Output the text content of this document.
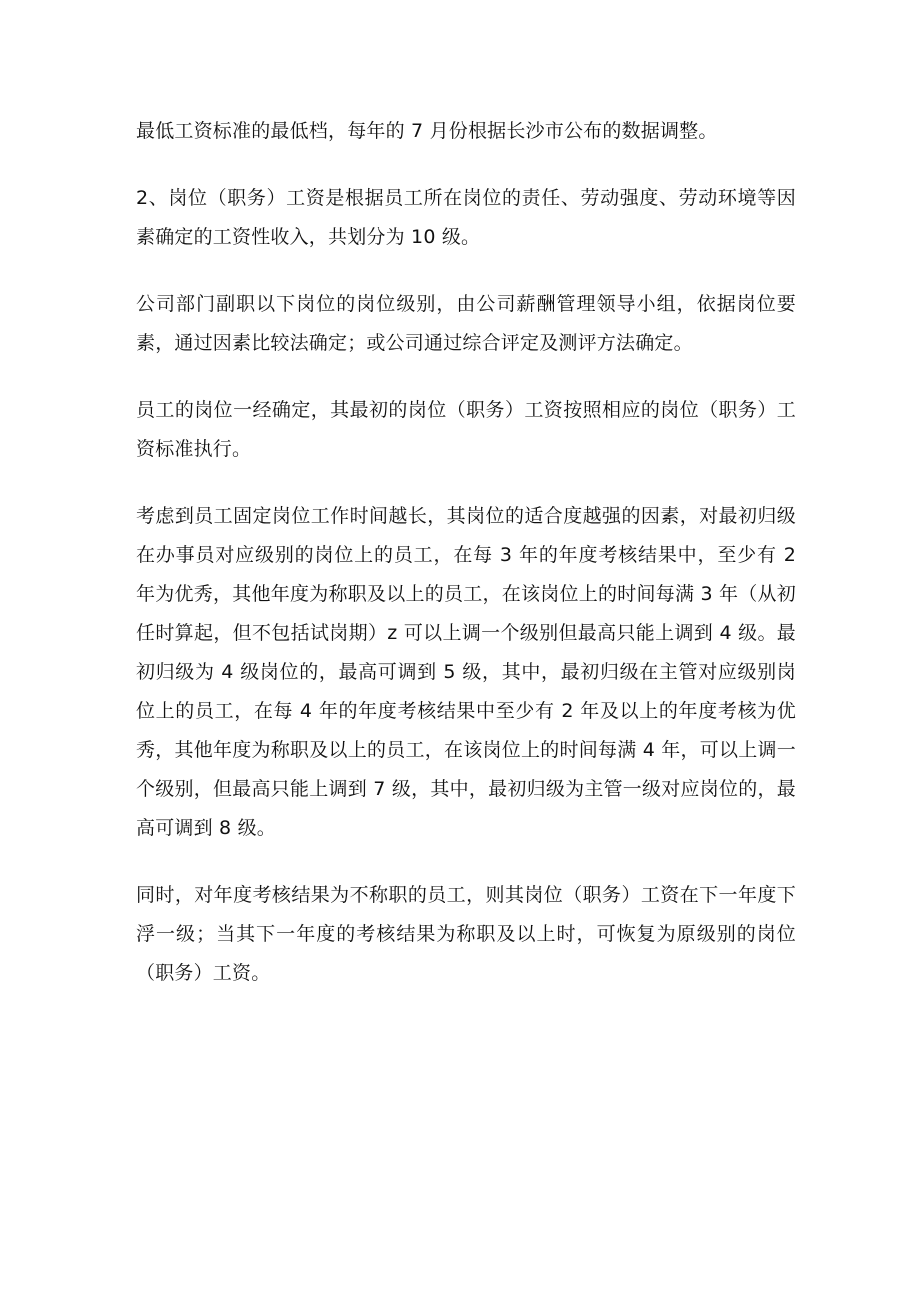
最低工资标准的最低档，每年的 7 月份根据长沙市公布的数据调整。

2、岗位（职务）工资是根据员工所在岗位的责任、劳动强度、劳动环境等因素确定的工资性收入，共划分为 10 级。

公司部门副职以下岗位的岗位级别，由公司薪酬管理领导小组，依据岗位要素，通过因素比较法确定；或公司通过综合评定及测评方法确定。

员工的岗位一经确定，其最初的岗位（职务）工资按照相应的岗位（职务）工资标准执行。

考虑到员工固定岗位工作时间越长，其岗位的适合度越强的因素，对最初归级在办事员对应级别的岗位上的员工，在每 3 年的年度考核结果中，至少有 2 年为优秀，其他年度为称职及以上的员工，在该岗位上的时间每满 3 年（从初任时算起，但不包括试岗期）z 可以上调一个级别但最高只能上调到 4 级。最初归级为 4 级岗位的，最高可调到 5 级，其中，最初归级在主管对应级别岗位上的员工，在每 4 年的年度考核结果中至少有 2 年及以上的年度考核为优秀，其他年度为称职及以上的员工，在该岗位上的时间每满 4 年，可以上调一个级别，但最高只能上调到 7 级，其中，最初归级为主管一级对应岗位的，最高可调到 8 级。

同时，对年度考核结果为不称职的员工，则其岗位（职务）工资在下一年度下浮一级；当其下一年度的考核结果为称职及以上时，可恢复为原级别的岗位（职务）工资。
